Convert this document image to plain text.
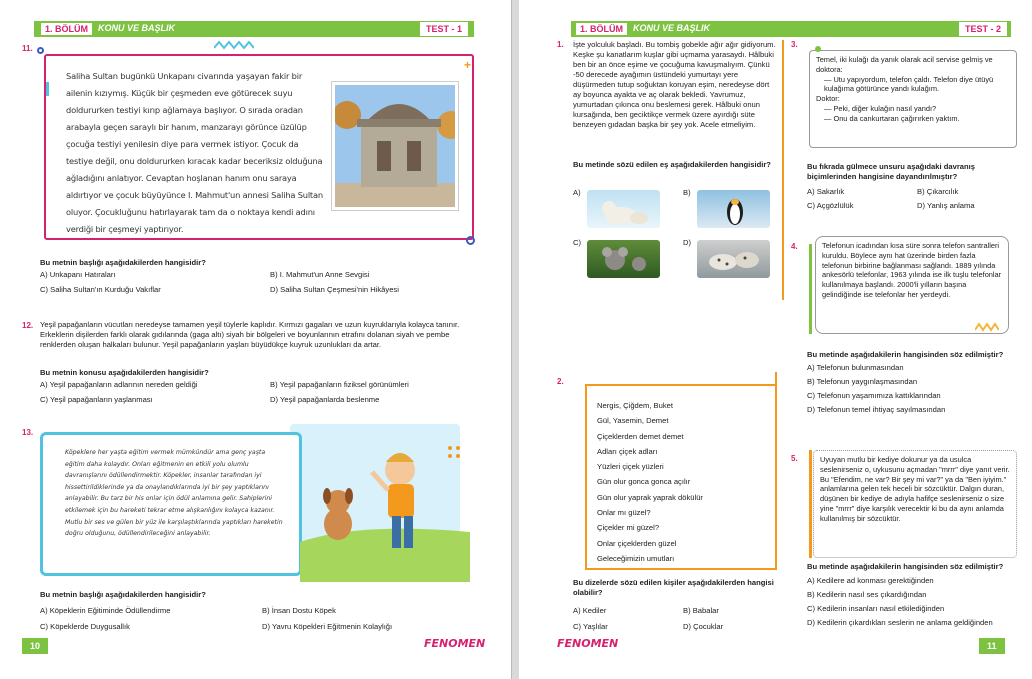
1. BÖLÜM	KONU VE BAŞLIK	TEST - 1
11.
Saliha Sultan bugünkü Unkapanı civarında yaşayan fakir bir ailenin kızıymış. Küçük bir çeşmeden eve götürecek suyu doldururken testiyi kırıp ağlamaya başlıyor. O sırada oradan arabayla geçen saraylı bir hanım, manzarayı görünce üzülüp çocuğa testiyi yenilesin diye para vermek istiyor. Çocuk da testiye değil, onu doldururken kıracak kadar beceriksiz olduğuna ağladığını anlatıyor. Cevaptan hoşlanan hanım onu saraya aldırtıyor ve çocuk büyüyünce I. Mahmut'un annesi Saliha Sultan oluyor. Çocukluğunu hatırlayarak tam da o noktaya kendi adını verdiği bir çeşmeyi yaptırıyor.
+
Bu metnin başlığı aşağıdakilerden hangisidir?
A) Unkapanı Hatıraları	B) I. Mahmut'un Anne Sevgisi
C) Saliha Sultan'ın Kurduğu Vakıflar	D) Saliha Sultan Çeşmesi'nin Hikâyesi
12. Yeşil papağanların vücutları neredeyse tamamen yeşil tüylerle kaplıdır. Kırmızı gagaları ve uzun kuyruklarıyla kolayca tanınır. Erkeklerin dişilerden farklı olarak gıdılarında (gaga altı) siyah bir bölgeleri ve boyunlarının etrafını dolanan siyah ve pembe renklerden oluşan halkaları bulunur. Yeşil papağanların yaşları büyüdükçe kuyruk uzunlukları da artar.
Bu metnin konusu aşağıdakilerden hangisidir?
A) Yeşil papağanların adlarının nereden geldiği	B) Yeşil papağanların fiziksel görünümleri
C) Yeşil papağanların yaşlanması	D) Yeşil papağanlarda beslenme
13.
Köpeklere her yaşta eğitim vermek mümkündür ama genç yaşta eğitim daha kolaydır. Onları eğitmenin en etkili yolu olumlu davranışlarını ödüllendirmektir. Köpekler, insanlar tarafından iyi hissettirildiklerinde ya da onaylandıklarında iyi bir şey yaptıklarını anlayabilir. Bu tarz bir his onlar için ödül anlamına gelir. Sahiplerini etkilemek için bu hareketi tekrar etme alışkanlığını kolayca kazanır. Mutlu bir ses ve gülen bir yüz ile karşılaştıklarında yaptıkları hareketin doğru olduğunu, ödüllendirileceğini anlayabilir.
Bu metnin başlığı aşağıdakilerden hangisidir?
A) Köpeklerin Eğitiminde Ödüllendirme	B) İnsan Dostu Köpek
C) Köpeklerde Duygusallık	D) Yavru Köpekleri Eğitmenin Kolaylığı
10	FENOMEN
1. BÖLÜM	KONU VE BAŞLIK	TEST - 2
1. İşte yolculuk başladı. Bu tombiş gobekle ağır ağır gidiyorum. Keşke şu kanatlarım kuşlar gibi uçmama yarasaydı. Hâlbuki ben bir an önce eşime ve çocuğuma kavuşmalıyım. Çünkü -50 derecede ayağımın üstündeki yumurtayı yere düşürmeden tutup soğuktan koruyan eşim, neredeyse dört ay boyunca ayakta ve aç olarak bekledi. Yavrumuz, yumurtadan çıkınca onu beslemesi gerek. Hâlbuki onun kursağında, ben geciktikçe vermek üzere ayırdığı süte benzeyen gıdadan başka bir şey yok. Acele etmeliyim.
Bu metinde sözü edilen eş aşağıdakilerden hangisidir?
A)	B)
C)	D)
2.
Nergis, Çiğdem, Buket
Gül, Yasemin, Demet
Çiçeklerden demet demet
Adları çiçek adları
Yüzleri çiçek yüzleri
Gün olur gonca gonca açılır
Gün olur yaprak yaprak dökülür
Onlar mı güzel?
Çiçekler mi güzel?
Onlar çiçeklerden güzel
Geleceğimizin umutları
Bu dizelerde sözü edilen kişiler aşağıdakilerden hangisi olabilir?
A) Kediler	B) Babalar
C) Yaşlılar	D) Çocuklar
3.
Temel, iki kulağı da yanık olarak acil servise gelmiş ve doktora:
— Utu yapıyordum, telefon çaldı. Telefon diye ütüyü kulağıma götürünce yandı kulağım.
Doktor:
— Peki, diğer kulağın nasıl yandı?
— Onu da cankurtaran çağırırken yaktım.
Bu fıkrada gülmece unsuru aşağıdaki davranış biçimlerinden hangisine dayandırılmıştır?
A) Sakarlık	B) Çıkarcılık
C) Açgözlülük	D) Yanlış anlama
4.	Telefonun icadından kısa süre sonra telefon santralleri kuruldu. Böylece aynı hat üzerinde birden fazla telefonun birbirine bağlanması sağlandı. 1889 yılında ankesörlü telefonlar, 1963 yılında ise ilk tuşlu telefonlar kullanılmaya başlandı. 2000'li yılların başına gelindiğinde ise telefonlar her yerdeydi.
Bu metinde aşağıdakilerin hangisinden söz edilmiştir?
A) Telefonun bulunmasından
B) Telefonun yaygınlaşmasından
C) Telefonun yaşamımıza kattıklarından
D) Telefonun temel ihtiyaç sayılmasından
5.	Uyuyan mutlu bir kediye dokunur ya da usulca seslenirseniz o, uykusunu açmadan "mrrr" diye yanıt verir. Bu "Efendim, ne var? Bir şey mi var?" ya da "Ben iyiyim." anlamlarına gelen tek heceli bir sözcüktür. Dalgın duran, düşünen bir kediye de adıyla hafifçe seslenirseniz o size yine "mrrr" diye karşılık verecektir ki bu da aynı anlamda kullanılmış bir sözcüktür.
Bu metinde aşağıdakilerin hangisinden söz edilmiştir?
A) Kedilere ad konması gerektiğinden
B) Kedilerin nasıl ses çıkardığından
C) Kedilerin insanları nasıl etkilediğinden
D) Kedilerin çıkardıkları seslerin ne anlama geldiğinden
11
FENOMEN
